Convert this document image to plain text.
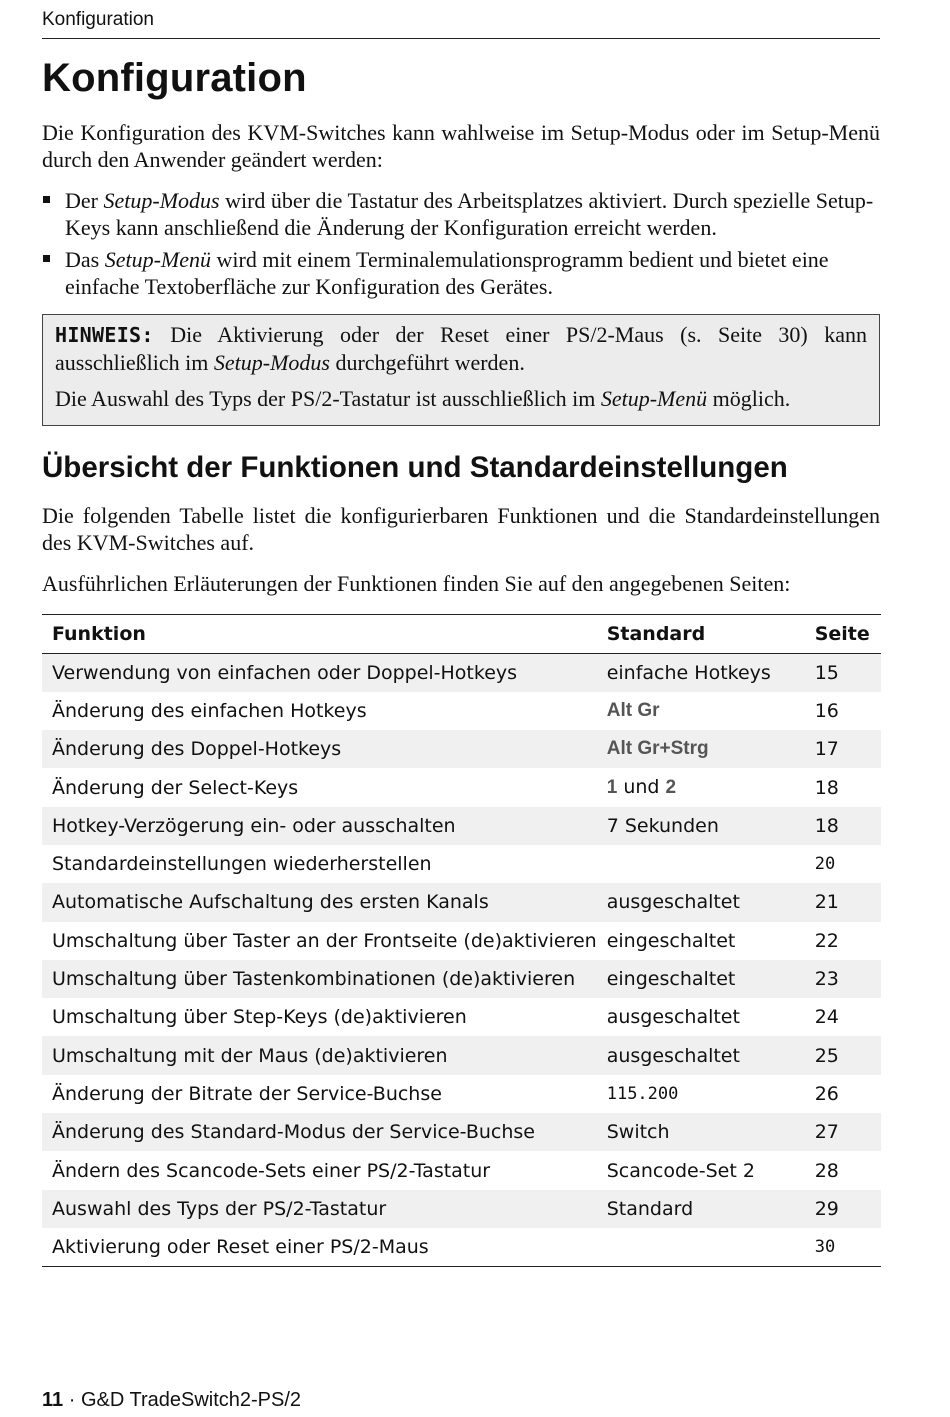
Konfiguration
Konfiguration

Die Konfiguration des KVM-Switches kann wahlweise im Setup-Modus oder im Setup-Menü durch den Anwender geändert werden:

Der Setup-Modus wird über die Tastatur des Arbeitsplatzes aktiviert. Durch spezielle Setup-Keys kann anschließend die Änderung der Konfiguration erreicht werden.
Das Setup-Menü wird mit einem Terminalemulationsprogramm bedient und bietet eine einfache Textoberfläche zur Konfiguration des Gerätes.

HINWEIS: Die Aktivierung oder der Reset einer PS/2-Maus (s. Seite 30) kann ausschließlich im Setup-Modus durchgeführt werden.

Die Auswahl des Typs der PS/2-Tastatur ist ausschließlich im Setup-Menü möglich.

Übersicht der Funktionen und Standardeinstellungen

Die folgenden Tabelle listet die konfigurierbaren Funktionen und die Standardeinstellungen des KVM-Switches auf.

Ausführlichen Erläuterungen der Funktionen finden Sie auf den angegebenen Seiten:

Funktion	Standard	Seite
Verwendung von einfachen oder Doppel-Hotkeys	einfache Hotkeys	15
Änderung des einfachen Hotkeys	Alt Gr	16
Änderung des Doppel-Hotkeys	Alt Gr+Strg	17
Änderung der Select-Keys	1 und 2	18
Hotkey-Verzögerung ein- oder ausschalten	7 Sekunden	18
Standardeinstellungen wiederherstellen		20
Automatische Aufschaltung des ersten Kanals	ausgeschaltet	21
Umschaltung über Taster an der Frontseite (de)aktivieren	eingeschaltet	22
Umschaltung über Tastenkombinationen (de)aktivieren	eingeschaltet	23
Umschaltung über Step-Keys (de)aktivieren	ausgeschaltet	24
Umschaltung mit der Maus (de)aktivieren	ausgeschaltet	25
Änderung der Bitrate der Service-Buchse	115.200	26
Änderung des Standard-Modus der Service-Buchse	Switch	27
Ändern des Scancode-Sets einer PS/2-Tastatur	Scancode-Set 2	28
Auswahl des Typs der PS/2-Tastatur	Standard	29
Aktivierung oder Reset einer PS/2-Maus		30
11 · G&D TradeSwitch2-PS/2
